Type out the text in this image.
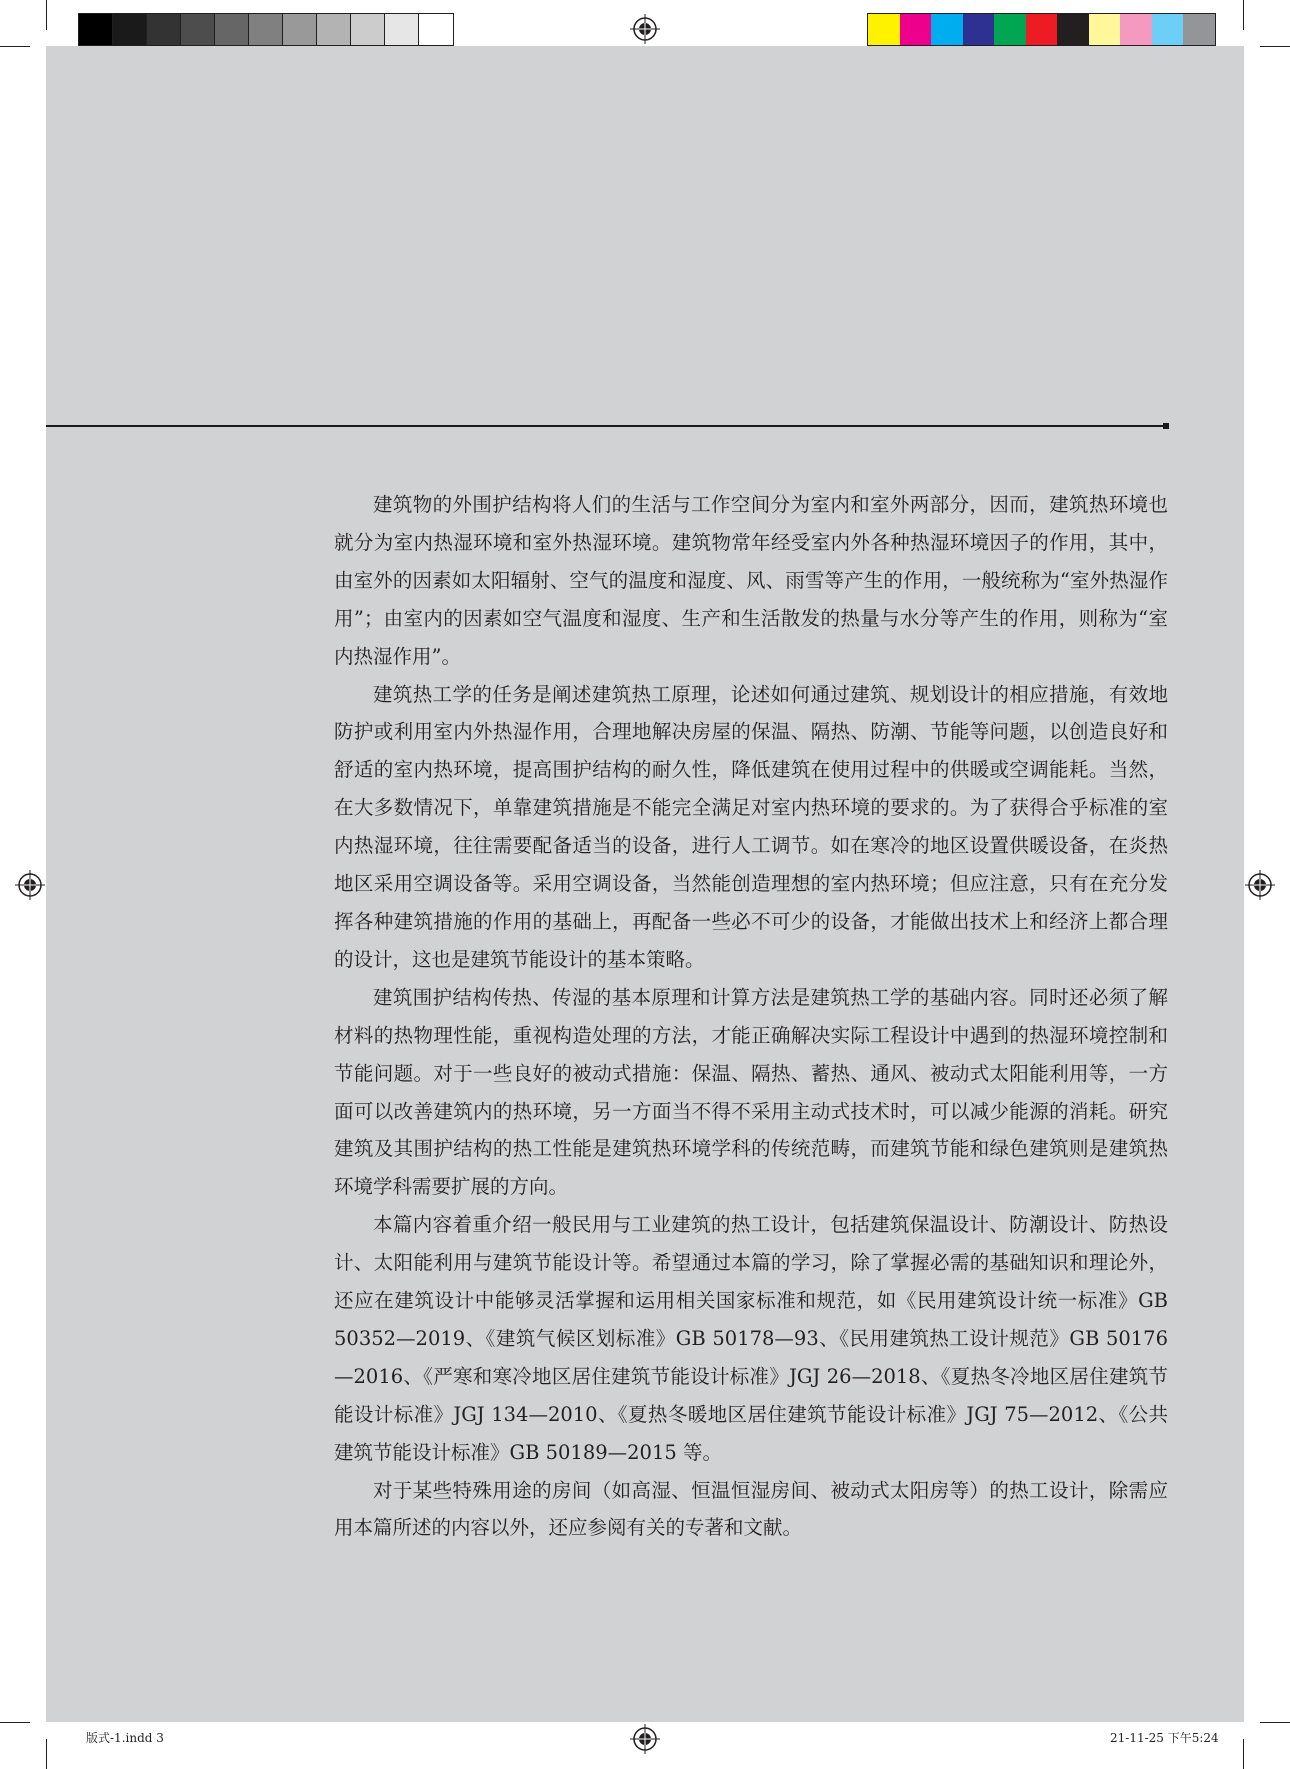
建筑物的外围护结构将人们的生活与工作空间分为室内和室外两部分，因而，建筑热环境也就分为室内热湿环境和室外热湿环境。建筑物常年经受室内外各种热湿环境因子的作用，其中，由室外的因素如太阳辐射、空气的温度和湿度、风、雨雪等产生的作用，一般统称为“室外热湿作用”；由室内的因素如空气温度和湿度、生产和生活散发的热量与水分等产生的作用，则称为“室内热湿作用”。

建筑热工学的任务是阐述建筑热工原理，论述如何通过建筑、规划设计的相应措施，有效地防护或利用室内外热湿作用，合理地解决房屋的保温、隔热、防潮、节能等问题，以创造良好和舒适的室内热环境，提高围护结构的耐久性，降低建筑在使用过程中的供暖或空调能耗。当然，在大多数情况下，单靠建筑措施是不能完全满足对室内热环境的要求的。为了获得合乎标准的室内热湿环境，往往需要配备适当的设备，进行人工调节。如在寒冷的地区设置供暖设备，在炎热地区采用空调设备等。采用空调设备，当然能创造理想的室内热环境；但应注意，只有在充分发挥各种建筑措施的作用的基础上，再配备一些必不可少的设备，才能做出技术上和经济上都合理的设计，这也是建筑节能设计的基本策略。

建筑围护结构传热、传湿的基本原理和计算方法是建筑热工学的基础内容。同时还必须了解材料的热物理性能，重视构造处理的方法，才能正确解决实际工程设计中遇到的热湿环境控制和节能问题。对于一些良好的被动式措施：保温、隔热、蓄热、通风、被动式太阳能利用等，一方面可以改善建筑内的热环境，另一方面当不得不采用主动式技术时，可以减少能源的消耗。研究建筑及其围护结构的热工性能是建筑热环境学科的传统范畴，而建筑节能和绿色建筑则是建筑热环境学科需要扩展的方向。

本篇内容着重介绍一般民用与工业建筑的热工设计，包括建筑保温设计、防潮设计、防热设计、太阳能利用与建筑节能设计等。希望通过本篇的学习，除了掌握必需的基础知识和理论外，还应在建筑设计中能够灵活掌握和运用相关国家标准和规范，如《民用建筑设计统一标准》GB 50352—2019、《建筑气候区划标准》GB 50178—93、《民用建筑热工设计规范》GB 50176—2016、《严寒和寒冷地区居住建筑节能设计标准》JGJ 26—2018、《夏热冬冷地区居住建筑节能设计标准》JGJ 134—2010、《夏热冬暖地区居住建筑节能设计标准》JGJ 75—2012、《公共建筑节能设计标准》GB 50189—2015 等。

对于某些特殊用途的房间（如高湿、恒温恒湿房间、被动式太阳房等）的热工设计，除需应用本篇所述的内容以外，还应参阅有关的专著和文献。

版式-1.indd 3	21-11-25 下午5:24
